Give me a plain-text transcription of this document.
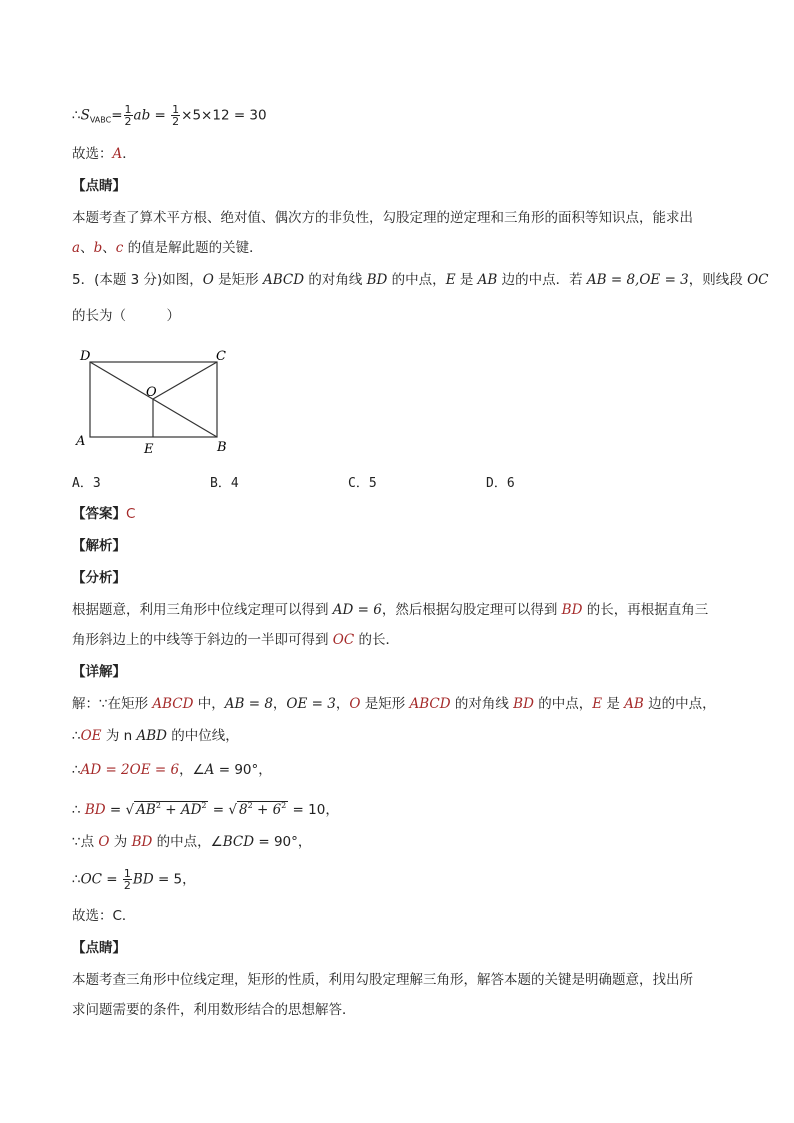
$\therefore S_{VABC}= \frac{1}{2}$ ab = $\frac{1}{2} \times 5\times 12 = 30$
故选：A．
【点睛】
本题考查了算术平方根、绝对值、偶次方的非负性，勾股定理的逆定理和三角形的面积等知识点，能求出
a、b、c 的值是解此题的关键．
5．(本题 3 分)如图，O 是矩形 ABCD 的对角线 BD 的中点，E 是 AB 边的中点．若 AB = 8,OE = 3，则线段 OC
的长为（　　　）
D	C
O
A
E	B
A．3	B．4	C．5	D．6
【答案】C
【解析】
【分析】
根据题意，利用三角形中位线定理可以得到 AD = 6，然后根据勾股定理可以得到 BD 的长，再根据直角三
角形斜边上的中线等于斜边的一半即可得到 OC 的长．
【详解】
解：∵在矩形 ABCD 中，AB = 8，OE = 3，O 是矩形 ABCD 的对角线 BD 的中点，E 是 AB 边的中点，
∴OE 为 n ABD 的中位线，
∴AD = 2OE = 6，∠A = 90°，
∴ BD = √ $AB^2 + AD^2$ = √ $8^2 + 6^2 = 10$，
∵点 O 为 BD 的中点，∠BCD = 90°，
∴OC = $\frac{1}{2}$ BD = 5，
故选：C．
【点睛】
本题考查三角形中位线定理，矩形的性质，利用勾股定理解三角形，解答本题的关键是明确题意，找出所
求问题需要的条件，利用数形结合的思想解答．
